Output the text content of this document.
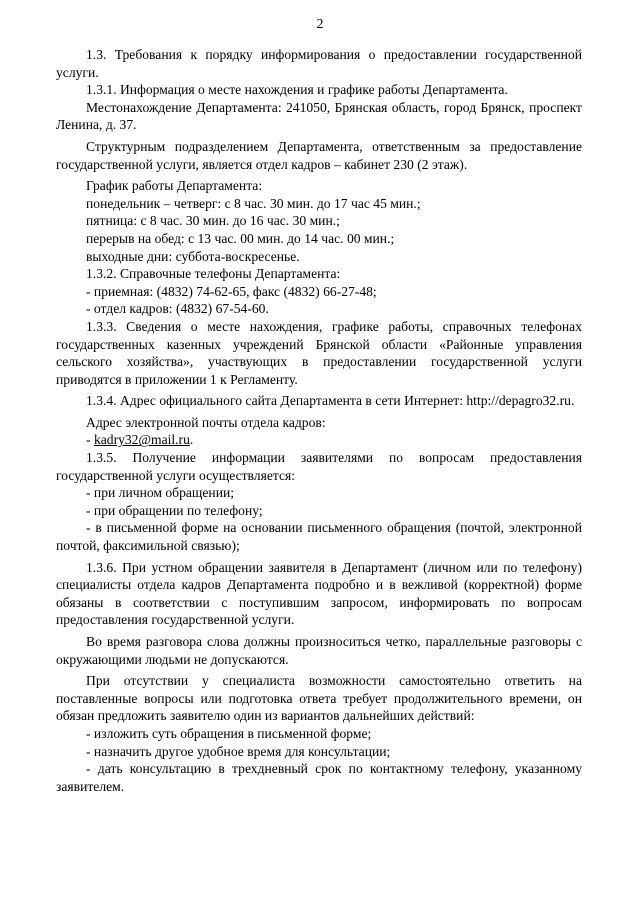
2

1.3. Требования к порядку информирования о предоставлении государственной услуги.

1.3.1. Информация о месте нахождения и графике работы Департамента.

Местонахождение Департамента: 241050, Брянская область, город Брянск, проспект Ленина, д. 37.

Структурным подразделением Департамента, ответственным за предоставление государственной услуги, является отдел кадров – кабинет 230 (2 этаж).

График работы Департамента:

понедельник – четверг: с 8 час. 30 мин. до 17 час 45 мин.;

пятница: с 8 час. 30 мин. до 16 час. 30 мин.;

перерыв на обед: с 13 час. 00 мин. до 14 час. 00 мин.;

выходные дни: суббота-воскресенье.

1.3.2. Справочные телефоны Департамента:

- приемная: (4832) 74-62-65, факс (4832) 66-27-48;

- отдел кадров: (4832) 67-54-60.

1.3.3. Сведения о месте нахождения, графике работы, справочных телефонах государственных казенных учреждений Брянской области «Районные управления сельского хозяйства», участвующих в предоставлении государственной услуги приводятся в приложении 1 к Регламенту.

1.3.4. Адрес официального сайта Департамента в сети Интернет: http://depagro32.ru.

Адрес электронной почты отдела кадров:

- kadry32@mail.ru.

1.3.5. Получение информации заявителями по вопросам предоставления государственной услуги осуществляется:

- при личном обращении;

- при обращении по телефону;

- в письменной форме на основании письменного обращения (почтой, электронной почтой, факсимильной связью);

1.3.6. При устном обращении заявителя в Департамент (личном или по телефону) специалисты отдела кадров Департамента подробно и в вежливой (корректной) форме обязаны в соответствии с поступившим запросом, информировать по вопросам предоставления государственной услуги.

Во время разговора слова должны произноситься четко, параллельные разговоры с окружающими людьми не допускаются.

При отсутствии у специалиста возможности самостоятельно ответить на поставленные вопросы или подготовка ответа требует продолжительного времени, он обязан предложить заявителю один из вариантов дальнейших действий:

- изложить суть обращения в письменной форме;

- назначить другое удобное время для консультации;

- дать консультацию в трехдневный срок по контактному телефону, указанному заявителем.
